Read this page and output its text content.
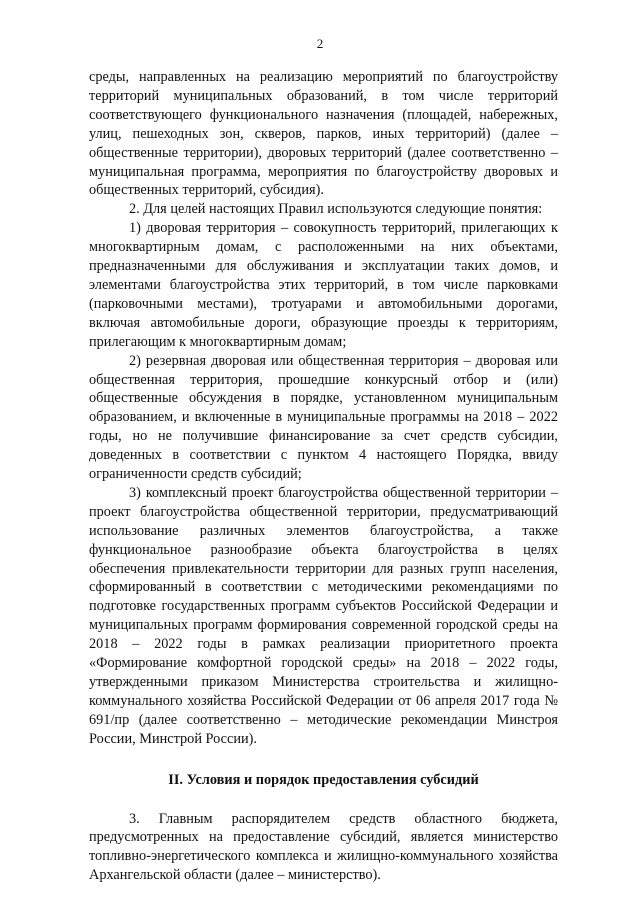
2

среды, направленных на реализацию мероприятий по благоустройству территорий муниципальных образований, в том числе территорий соответствующего функционального назначения (площадей, набережных, улиц, пешеходных зон, скверов, парков, иных территорий) (далее – общественные территории), дворовых территорий (далее соответственно – муниципальная программа, мероприятия по благоустройству дворовых и общественных территорий, субсидия).

2. Для целей настоящих Правил используются следующие понятия:

1) дворовая территория – совокупность территорий, прилегающих к многоквартирным домам, с расположенными на них объектами, предназначенными для обслуживания и эксплуатации таких домов, и элементами благоустройства этих территорий, в том числе парковками (парковочными местами), тротуарами и автомобильными дорогами, включая автомобильные дороги, образующие проезды к территориям, прилегающим к многоквартирным домам;

2) резервная дворовая или общественная территория – дворовая или общественная территория, прошедшие конкурсный отбор и (или) общественные обсуждения в порядке, установленном муниципальным образованием, и включенные в муниципальные программы на 2018 – 2022 годы, но не получившие финансирование за счет средств субсидии, доведенных в соответствии с пунктом 4 настоящего Порядка, ввиду ограниченности средств субсидий;

3) комплексный проект благоустройства общественной территории – проект благоустройства общественной территории, предусматривающий использование различных элементов благоустройства, а также функциональное разнообразие объекта благоустройства в целях обеспечения привлекательности территории для разных групп населения, сформированный в соответствии с методическими рекомендациями по подготовке государственных программ субъектов Российской Федерации и муниципальных программ формирования современной городской среды на 2018 – 2022 годы в рамках реализации приоритетного проекта «Формирование комфортной городской среды» на 2018 – 2022 годы, утвержденными приказом Министерства строительства и жилищно-коммунального хозяйства Российской Федерации от 06 апреля 2017 года № 691/пр (далее соответственно – методические рекомендации Минстроя России, Минстрой России).

II. Условия и порядок предоставления субсидий

3. Главным распорядителем средств областного бюджета, предусмотренных на предоставление субсидий, является министерство топливно-энергетического комплекса и жилищно-коммунального хозяйства Архангельской области (далее – министерство).
